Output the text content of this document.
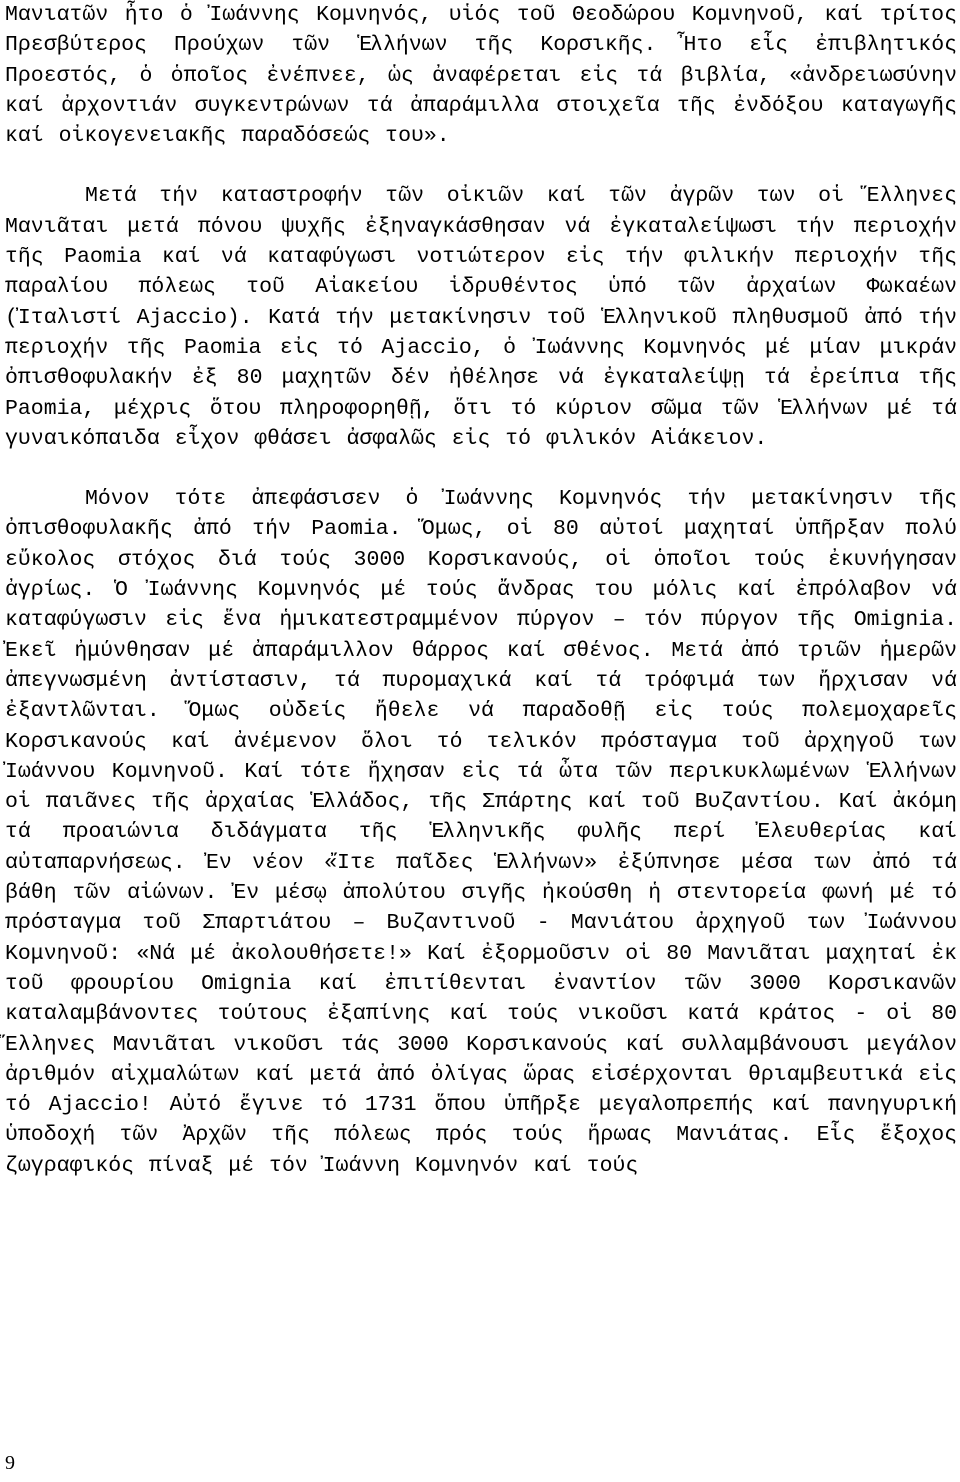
Μανιατῶν ἦτο ὁ Ἰωάννης Κομνηνός, υἱός τοῦ Θεοδώρου Κομνηνοῦ, καί τρίτος Πρεσβύτερος Προύχων τῶν Ἑλλήνων τῆς Κορσικῆς. Ἦτο εἷς ἐπιβλητικός Προεστός, ὁ ὁποῖος ἐνέπνεε, ὡς ἀναφέρεται εἰς τά βιβλία, «ἀνδρειωσύνην καί ἀρχοντιάν συγκεντρώνων τά ἀπαράμιλλα στοιχεῖα τῆς ἐνδόξου καταγωγῆς καί οἰκογενειακῆς παραδόσεώς του».

Μετά τήν καταστροφήν τῶν οἰκιῶν καί τῶν ἀγρῶν των οἱ Ἕλληνες Μανιᾶται μετά πόνου ψυχῆς ἐξηναγκάσθησαν νά ἐγκαταλείψωσι τήν περιοχήν τῆς Paomia καί νά καταφύγωσι νοτιώτερον εἰς τήν φιλικήν περιοχήν τῆς παραλίου πόλεως τοῦ Αἰακείου ἱδρυθέντος ὑπό τῶν ἀρχαίων Φωκαέων (Ἰταλιστί Ajaccio). Κατά τήν μετακίνησιν τοῦ Ἑλληνικοῦ πληθυσμοῦ ἀπό τήν περιοχήν τῆς Paomia εἰς τό Ajaccio, ὁ Ἰωάννης Κομνηνός μέ μίαν μικράν ὀπισθοφυλακήν ἐξ 80 μαχητῶν δέν ἠθέλησε νά ἐγκαταλείψῃ τά ἐρείπια τῆς Paomia, μέχρις ὅτου πληροφορηθῇ, ὅτι τό κύριον σῶμα τῶν Ἑλλήνων μέ τά γυναικόπαιδα εἶχον φθάσει ἀσφαλῶς εἰς τό φιλικόν Αἰάκειον.

Μόνον τότε ἀπεφάσισεν ὁ Ἰωάννης Κομνηνός τήν μετακίνησιν τῆς ὀπισθοφυλακῆς ἀπό τήν Paomia. Ὅμως, οἱ 80 αὐτοί μαχηταί ὑπῆρξαν πολύ εὔκολος στόχος διά τούς 3000 Κορσικανούς, οἱ ὁποῖοι τούς ἐκυνήγησαν ἀγρίως. Ὁ Ἰωάννης Κομνηνός μέ τούς ἄνδρας του μόλις καί ἐπρόλαβον νά καταφύγωσιν εἰς ἕνα ἡμικατεστραμμένον πύργον – τόν πύργον τῆς Omignia. Ἐκεῖ ἠμύνθησαν μέ ἀπαράμιλλον θάρρος καί σθένος. Μετά ἀπό τριῶν ἡμερῶν ἀπεγνωσμένη ἀντίστασιν, τά πυρομαχικά καί τά τρόφιμά των ἤρχισαν νά ἐξαντλῶνται. Ὅμως οὐδείς ἤθελε νά παραδοθῇ εἰς τούς πολεμοχαρεῖς Κορσικανούς καί ἀνέμενον ὅλοι τό τελικόν πρόσταγμα τοῦ ἀρχηγοῦ των Ἰωάννου Κομνηνοῦ. Καί τότε ἤχησαν εἰς τά ὦτα τῶν περικυκλωμένων Ἑλλήνων οἱ παιᾶνες τῆς ἀρχαίας Ἑλλάδος, τῆς Σπάρτης καί τοῦ Βυζαντίου. Καί ἀκόμη τά προαιώνια διδάγματα τῆς Ἑλληνικῆς φυλῆς περί Ἐλευθερίας καί αὐταπαρνήσεως. Ἐν νέον «Ἴτε παῖδες Ἑλλήνων» ἐξύπνησε μέσα των ἀπό τά βάθη τῶν αἰώνων. Ἐν μέσῳ ἀπολύτου σιγῆς ἠκούσθη ἡ στεντορεία φωνή μέ τό πρόσταγμα τοῦ Σπαρτιάτου – Βυζαντινοῦ - Μανιάτου ἀρχηγοῦ των Ἰωάννου Κομνηνοῦ: «Νά μέ ἀκολουθήσετε!» Καί ἐξορμοῦσιν οἱ 80 Μανιᾶται μαχηταί ἐκ τοῦ φρουρίου Omignia καί ἐπιτίθενται ἐναντίον τῶν 3000 Κορσικανῶν καταλαμβάνοντες τούτους ἐξαπίνης καί τούς νικοῦσι κατά κράτος - οἱ 80 Ἕλληνες Μανιᾶται νικοῦσι τάς 3000 Κορσικανούς καί συλλαμβάνουσι μεγάλον ἀριθμόν αἰχμαλώτων καί μετά ἀπό ὀλίγας ὥρας εἰσέρχονται θριαμβευτικά εἰς τό Ajaccio! Αὐτό ἔγινε τό 1731 ὅπου ὑπῆρξε μεγαλοπρεπής καί πανηγυρική ὑποδοχή τῶν Ἀρχῶν τῆς πόλεως πρός τούς ἥρωας Μανιάτας. Εἷς ἔξοχος ζωγραφικός πίναξ μέ τόν Ἰωάννη Κομνηνόν καί τούς

9
